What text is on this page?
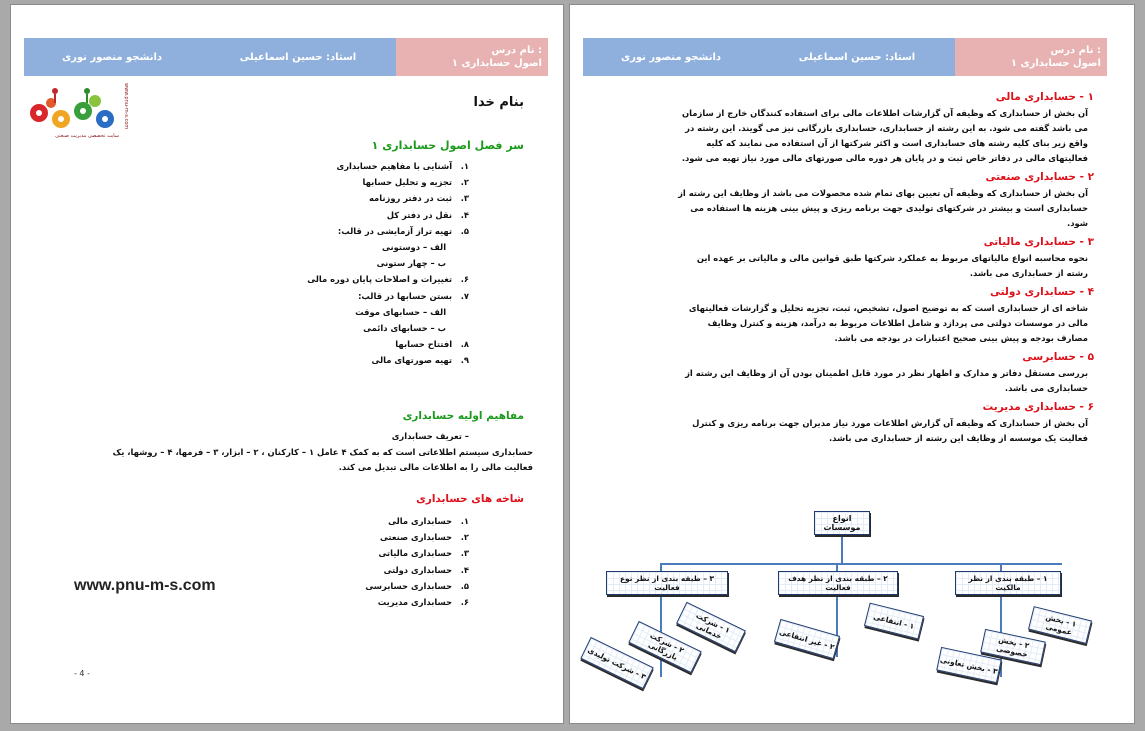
دانشجو منصور نوری	استاد: حسین اسماعیلی
نام درس :
اصول حسابداری ۱
www.pnu-m-s.com
سایت تخصصی مدیریت صنعتی
بنام خدا
سر فصل اصول حسابداری ۱
۱. آشنایی با مفاهیم حسابداری
۲. تجزیه و تحلیل حسابها
۳. ثبت در دفتر روزنامه
۴. نقل در دفتر کل
۵. تهیه تراز آزمایشی در قالب:
الف – دوستونی
ب – چهار ستونی
۶. تغییرات و اصلاحات پایان دوره مالی
۷. بستن حسابها در قالب:
الف – حسابهای موقت
ب – حسابهای دائمی
۸. افتتاح حسابها
۹. تهیه صورتهای مالی
مفاهیم اولیه حسابداری
– تعریف حسابداری
حسابداری سیستم اطلاعاتی است که به کمک ۴ عامل ۱ – کارکنان ، ۲ – ابزار، ۳ – فرمها، ۴ – روشها، یک فعالیت مالی را به اطلاعات مالی تبدیل می کند.
شاخه های حسابداری
۱. حسابداری مالی
۲. حسابداری صنعتی
۳. حسابداری مالیاتی
۴. حسابداری دولتی
۵. حسابداری حسابرسی
۶. حسابداری مدیریت
www.pnu-m-s.com
- 4 -
دانشجو منصور نوری	استاد: حسین اسماعیلی
نام درس :
اصول حسابداری ۱
۱ - حسابداری مالی
آن بخش از حسابداری که وظیفه آن گزارشات اطلاعات مالی برای استفاده کنندگان خارج از سازمان می باشد گفته می شود. به این رشته از حسابداری، حسابداری بازرگانی نیز می گویند. این رشته در واقع زیر بنای کلیه رشته های حسابداری است و اکثر شرکتها از آن استفاده می نمایند که کلیه فعالیتهای مالی در دفاتر خاص ثبت و در پایان هر دوره مالی صورتهای مالی مورد نیاز تهیه می شود.
۲ - حسابداری صنعتی
آن بخش از حسابداری که وظیفه آن تعیین بهای تمام شده محصولات می باشد از وظایف این رشته از حسابداری است و بیشتر در شرکتهای تولیدی جهت برنامه ریزی و پیش بینی هزینه ها استفاده می شود.
۳ - حسابداری مالیاتی
نحوه محاسبه انواع مالیاتهای مربوط به عملکرد شرکتها طبق قوانین مالی و مالیاتی بر عهده این رشته از حسابداری می باشد.
۴ - حسابداری دولتی
شاخه ای از حسابداری است که به توضیح اصول، تشخیص، ثبت، تجزیه تحلیل و گزارشات فعالیتهای مالی در موسسات دولتی می پردازد و شامل اطلاعات مربوط به درآمد، هزینه و کنترل وظایف مصارف بودجه و پیش بینی صحیح اعتبارات در بودجه می باشد.
۵ - حسابرسی
بررسی مستقل دفاتر و مدارک و اظهار نظر در مورد قابل اطمینان بودن آن از وظایف این رشته از حسابداری می باشد.
۶ - حسابداری مدیریت
آن بخش از حسابداری که وظیفه آن گزارش اطلاعات مورد نیاز مدیران جهت برنامه ریزی و کنترل فعالیت یک موسسه از وظایف این رشته از حسابداری می باشد.
انواع موسسات
۱ – طبقه بندی از نظر مالکیت
۲ – طبقه بندی از نظر هدف فعالیت
۳ – طبقه بندی از نظر نوع فعالیت
۱ - بخش عمومی
۲ - بخش خصوصی
۳ - بخش تعاونی
۱ - انتفاعی
۲ - غیر انتفاعی
۱ - شرکت خدماتی
۲ - شرکت بازرگانی
۳ - شرکت تولیدی
